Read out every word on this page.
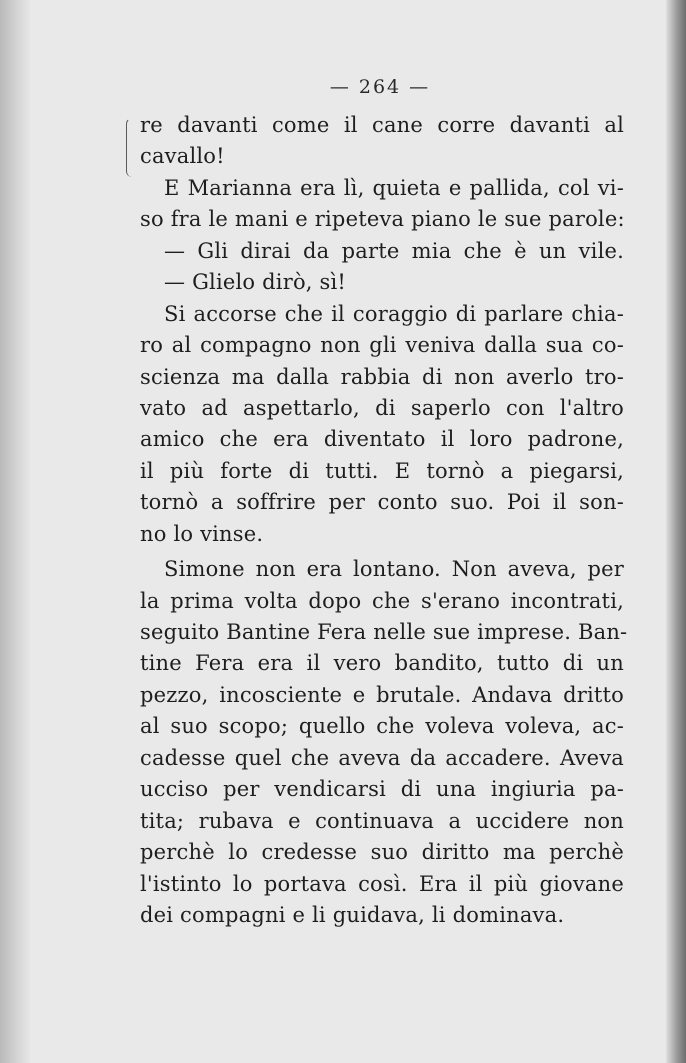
— 264 —
re davanti come il cane corre davanti al
cavallo!
E Marianna era lì, quieta e pallida, col vi-
so fra le mani e ripeteva piano le sue parole:
— Gli dirai da parte mia che è un vile.
— Glielo dirò, sì!
Si accorse che il coraggio di parlare chia-
ro al compagno non gli veniva dalla sua co-
scienza ma dalla rabbia di non averlo tro-
vato ad aspettarlo, di saperlo con l'altro
amico che era diventato il loro padrone,
il più forte di tutti. E tornò a piegarsi,
tornò a soffrire per conto suo. Poi il son-
no lo vinse.
Simone non era lontano. Non aveva, per
la prima volta dopo che s'erano incontrati,
seguito Bantine Fera nelle sue imprese. Ban-
tine Fera era il vero bandito, tutto di un
pezzo, incosciente e brutale. Andava dritto
al suo scopo; quello che voleva voleva, ac-
cadesse quel che aveva da accadere. Aveva
ucciso per vendicarsi di una ingiuria pa-
tita; rubava e continuava a uccidere non
perchè lo credesse suo diritto ma perchè
l'istinto lo portava così. Era il più giovane
dei compagni e li guidava, li dominava.
